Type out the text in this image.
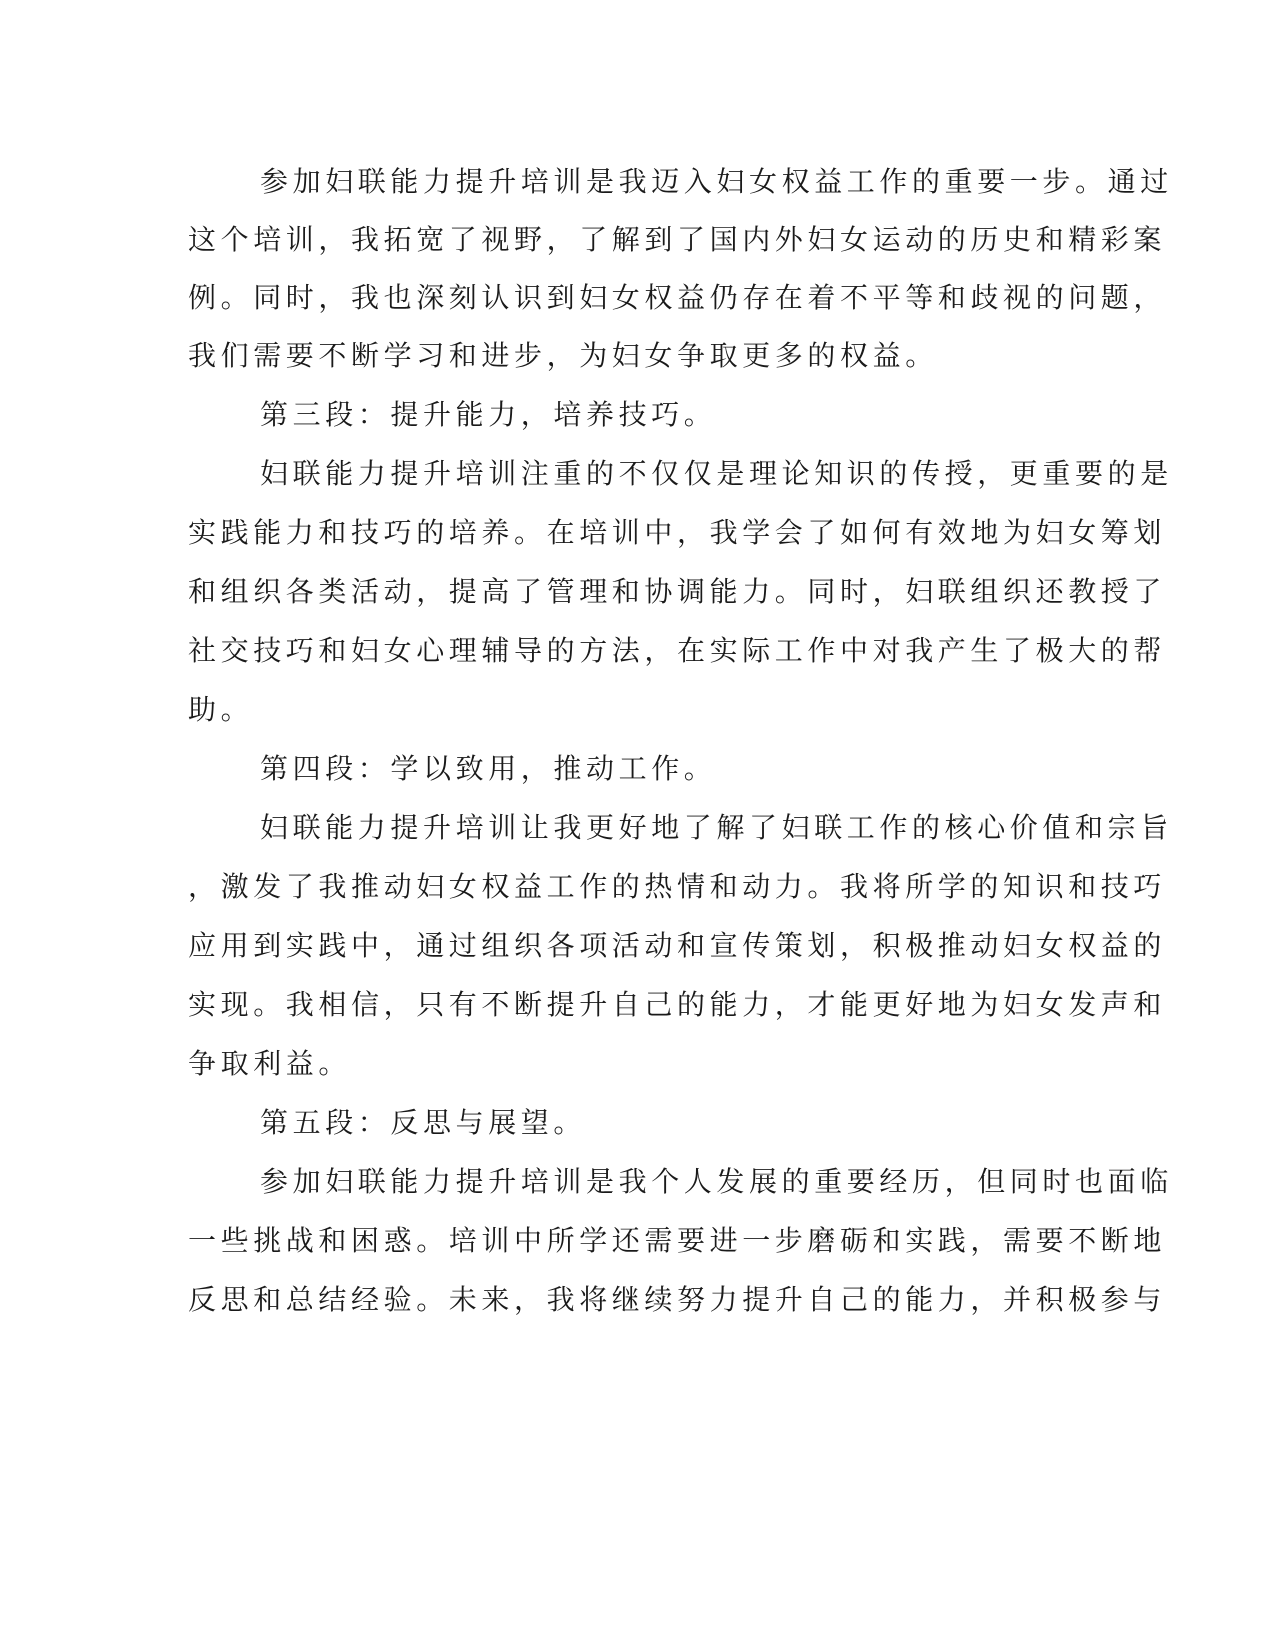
参加妇联能力提升培训是我迈入妇女权益工作的重要一步。通过
这个培训，我拓宽了视野，了解到了国内外妇女运动的历史和精彩案
例。同时，我也深刻认识到妇女权益仍存在着不平等和歧视的问题，
我们需要不断学习和进步，为妇女争取更多的权益。
第三段：提升能力，培养技巧。
妇联能力提升培训注重的不仅仅是理论知识的传授，更重要的是
实践能力和技巧的培养。在培训中，我学会了如何有效地为妇女筹划
和组织各类活动，提高了管理和协调能力。同时，妇联组织还教授了
社交技巧和妇女心理辅导的方法，在实际工作中对我产生了极大的帮
助。
第四段：学以致用，推动工作。
妇联能力提升培训让我更好地了解了妇联工作的核心价值和宗旨
，激发了我推动妇女权益工作的热情和动力。我将所学的知识和技巧
应用到实践中，通过组织各项活动和宣传策划，积极推动妇女权益的
实现。我相信，只有不断提升自己的能力，才能更好地为妇女发声和
争取利益。
第五段：反思与展望。
参加妇联能力提升培训是我个人发展的重要经历，但同时也面临
一些挑战和困惑。培训中所学还需要进一步磨砺和实践，需要不断地
反思和总结经验。未来，我将继续努力提升自己的能力，并积极参与
